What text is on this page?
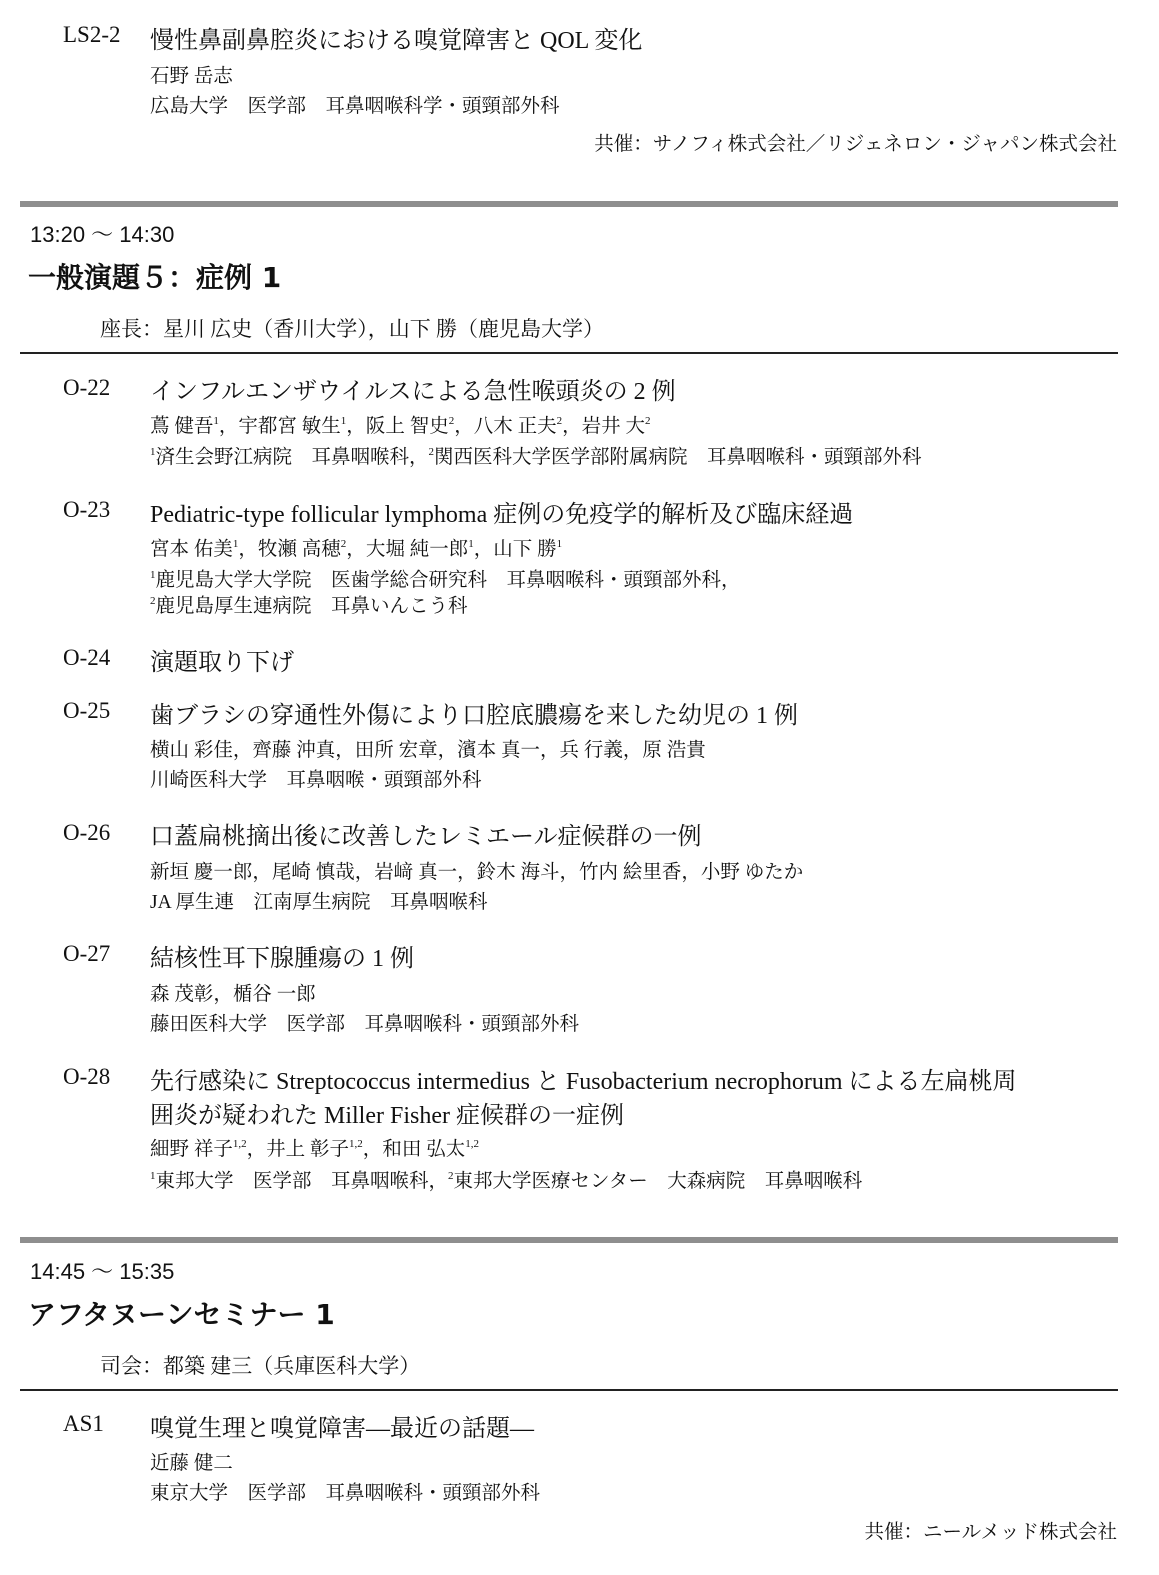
LS2-2 慢性鼻副鼻腔炎における嗅覚障害と QOL 変化
石野 岳志
広島大学　医学部　耳鼻咽喉科学・頭頸部外科
共催：サノフィ株式会社／リジェネロン・ジャパン株式会社
13:20 〜 14:30
一般演題５：症例 1
座長：星川 広史（香川大学），山下 勝（鹿児島大学）
O-22 インフルエンザウイルスによる急性喉頭炎の 2 例
蔦 健吾$^1$，宇都宮 敏生$^1$，阪上 智史$^2$，八木 正夫$^2$，岩井 大$^2$
$^1$済生会野江病院　耳鼻咽喉科，$^2$関西医科大学医学部附属病院　耳鼻咽喉科・頭頸部外科
O-23 Pediatric-type follicular lymphoma 症例の免疫学的解析及び臨床経過
宮本 佑美$^1$，牧瀬 高穂$^2$，大堀 純一郎$^1$，山下 勝$^1$
$^1$鹿児島大学大学院　医歯学総合研究科　耳鼻咽喉科・頭頸部外科，
$^2$鹿児島厚生連病院　耳鼻いんこう科
O-24 演題取り下げ
O-25 歯ブラシの穿通性外傷により口腔底膿瘍を来した幼児の 1 例
横山 彩佳，齊藤 沖真，田所 宏章，濱本 真一，兵 行義，原 浩貴
川崎医科大学　耳鼻咽喉・頭頸部外科
O-26 口蓋扁桃摘出後に改善したレミエール症候群の一例
新垣 慶一郎，尾崎 慎哉，岩﨑 真一，鈴木 海斗，竹内 絵里香，小野 ゆたか
JA 厚生連　江南厚生病院　耳鼻咽喉科
O-27 結核性耳下腺腫瘍の 1 例
森 茂彰，楯谷 一郎
藤田医科大学　医学部　耳鼻咽喉科・頭頸部外科
O-28 先行感染に Streptococcus intermedius と Fusobacterium necrophorum による左扁桃周
囲炎が疑われた Miller Fisher 症候群の一症例
細野 祥子$^{1,2}$，井上 彰子$^{1,2}$，和田 弘太$^{1,2}$
$^1$東邦大学　医学部　耳鼻咽喉科，$^2$東邦大学医療センター　大森病院　耳鼻咽喉科
14:45 〜 15:35
アフタヌーンセミナー 1
司会：都築 建三（兵庫医科大学）
AS1 嗅覚生理と嗅覚障害―最近の話題―
近藤 健二
東京大学　医学部　耳鼻咽喉科・頭頸部外科
共催：ニールメッド株式会社
